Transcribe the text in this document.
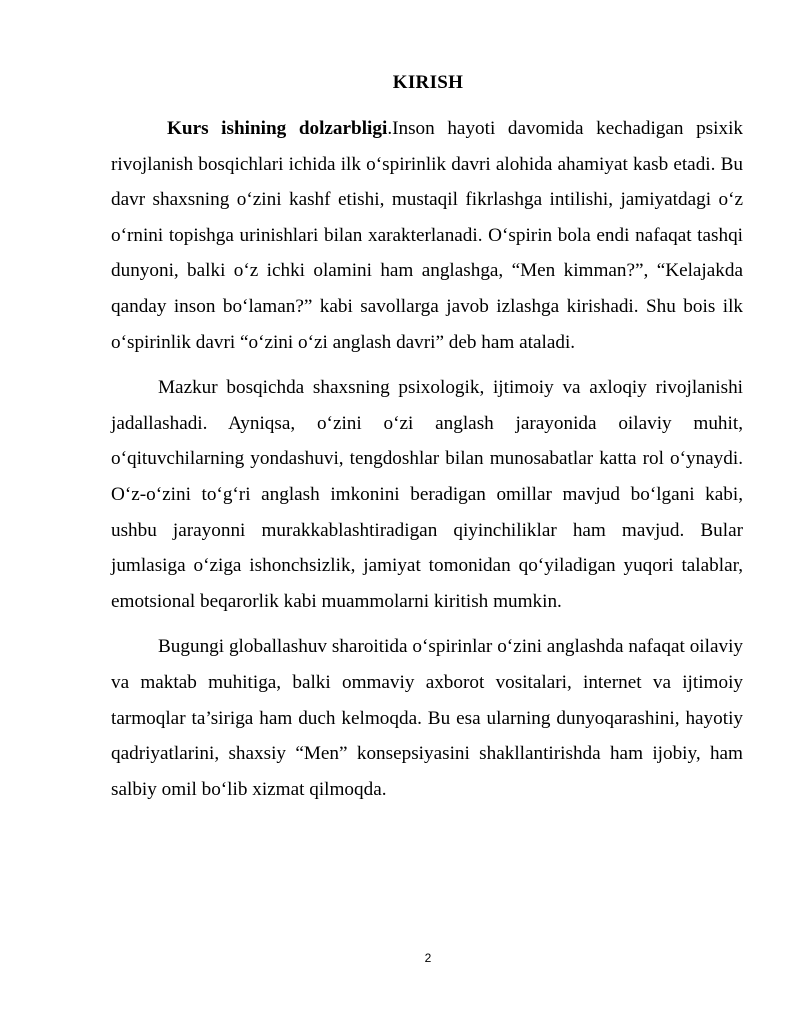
KIRISH

Kurs ishining dolzarbligi.Inson hayoti davomida kechadigan psixik rivojlanish bosqichlari ichida ilk o‘spirinlik davri alohida ahamiyat kasb etadi. Bu davr shaxsning o‘zini kashf etishi, mustaqil fikrlashga intilishi, jamiyatdagi o‘z o‘rnini topishga urinishlari bilan xarakterlanadi. O‘spirin bola endi nafaqat tashqi dunyoni, balki o‘z ichki olamini ham anglashga, “Men kimman?”, “Kelajakda qanday inson bo‘laman?” kabi savollarga javob izlashga kirishadi. Shu bois ilk o‘spirinlik davri “o‘zini o‘zi anglash davri” deb ham ataladi.

Mazkur bosqichda shaxsning psixologik, ijtimoiy va axloqiy rivojlanishi jadallashadi. Ayniqsa, o‘zini o‘zi anglash jarayonida oilaviy muhit, o‘qituvchilarning yondashuvi, tengdoshlar bilan munosabatlar katta rol o‘ynaydi. O‘z-o‘zini to‘g‘ri anglash imkonini beradigan omillar mavjud bo‘lgani kabi, ushbu jarayonni murakkablashtiradigan qiyinchiliklar ham mavjud. Bular jumlasiga o‘ziga ishonchsizlik, jamiyat tomonidan qo‘yiladigan yuqori talablar, emotsional beqarorlik kabi muammolarni kiritish mumkin.

Bugungi globallashuv sharoitida o‘spirinlar o‘zini anglashda nafaqat oilaviy va maktab muhitiga, balki ommaviy axborot vositalari, internet va ijtimoiy tarmoqlar ta’siriga ham duch kelmoqda. Bu esa ularning dunyoqarashini, hayotiy qadriyatlarini, shaxsiy “Men” konsepsiyasini shakllantirishda ham ijobiy, ham salbiy omil bo‘lib xizmat qilmoqda.

2
